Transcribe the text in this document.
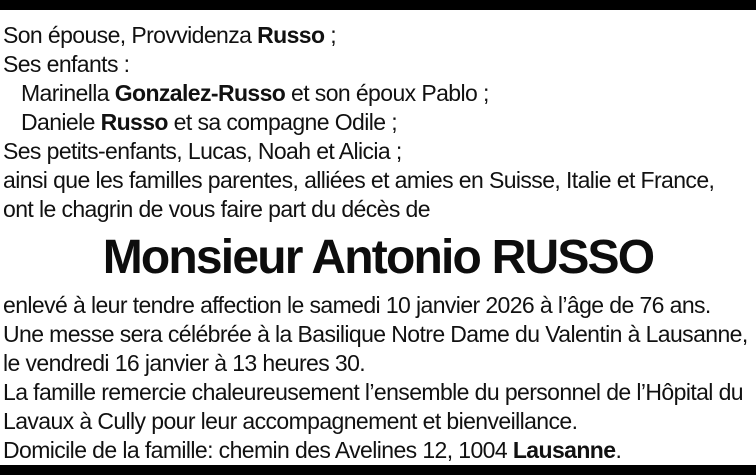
Son épouse, Provvidenza Russo ;

Ses enfants :

Marinella Gonzalez-Russo et son époux Pablo ;

Daniele Russo et sa compagne Odile ;

Ses petits-enfants, Lucas, Noah et Alicia ;

ainsi que les familles parentes, alliées et amies en Suisse, Italie et France,

ont le chagrin de vous faire part du décès de

Monsieur Antonio RUSSO

enlevé à leur tendre affection le samedi 10 janvier 2026 à l’âge de 76 ans.

Une messe sera célébrée à la Basilique Notre Dame du Valentin à Lausanne,

le vendredi 16 janvier à 13 heures 30.

La famille remercie chaleureusement l’ensemble du personnel de l’Hôpital du

Lavaux à Cully pour leur accompagnement et bienveillance.

Domicile de la famille: chemin des Avelines 12, 1004 Lausanne.
